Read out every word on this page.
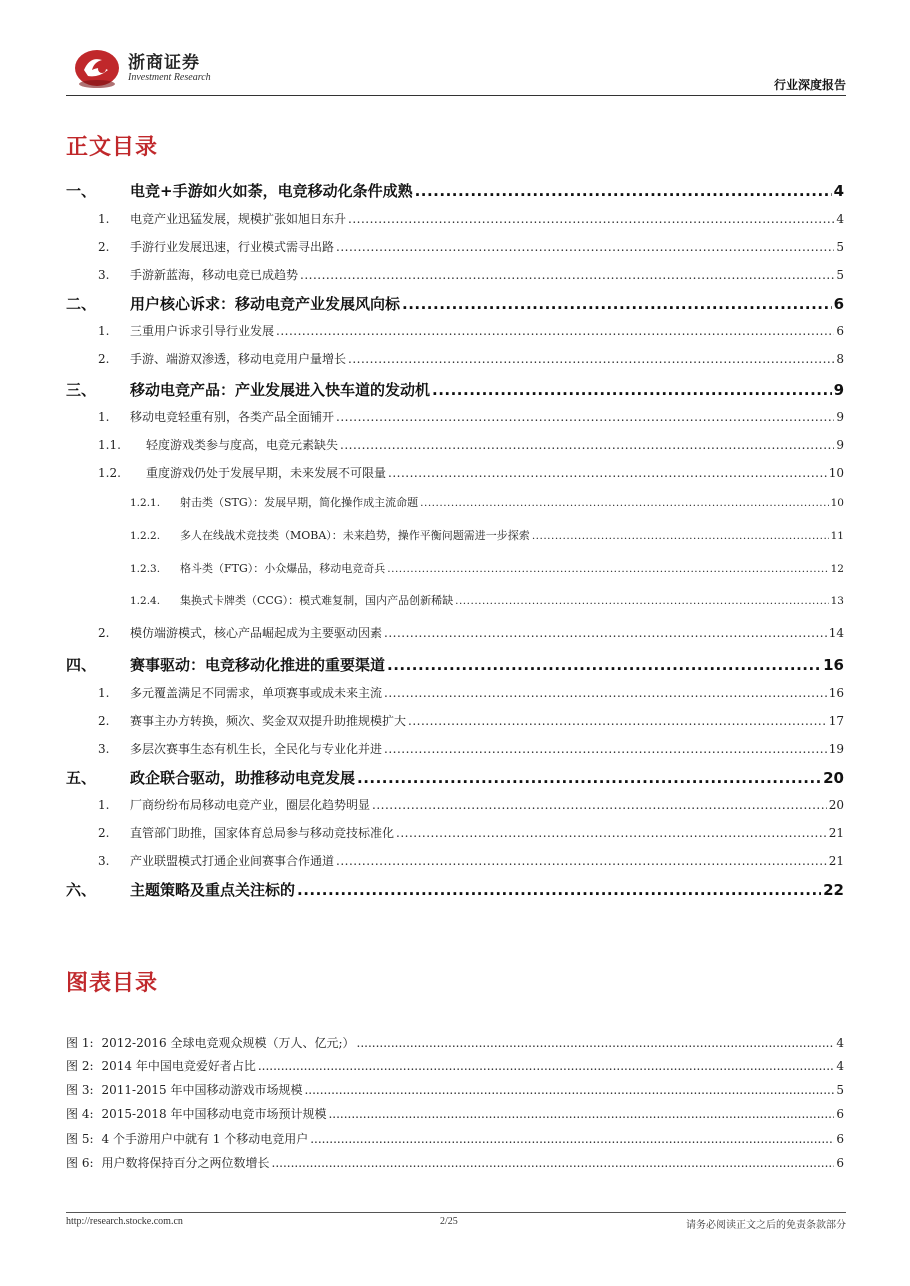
浙商证券
Investment Research
行业深度报告
正文目录
一、	电竞+手游如火如荼，电竞移动化条件成熟 .....	4
1.	电竞产业迅猛发展，规模扩张如旭日东升 .....	4
2.	手游行业发展迅速，行业模式需寻出路 .....	5
3.	手游新蓝海，移动电竞已成趋势 .....	5
二、	用户核心诉求：移动电竞产业发展风向标 .....	6
1.	三重用户诉求引导行业发展 .....	6
2.	手游、端游双渗透，移动电竞用户量增长 .....	8
三、	移动电竞产品：产业发展进入快车道的发动机 .....	9
1.	移动电竞轻重有别，各类产品全面铺开 .....	9
1.1.	轻度游戏类参与度高，电竞元素缺失 .....	9
1.2.	重度游戏仍处于发展早期，未来发展不可限量 .....	10
1.2.1.	射击类（STG）：发展早期，简化操作成主流命题 .....	10
1.2.2.	多人在线战术竞技类（MOBA）：未来趋势，操作平衡问题需进一步探索 .....	11
1.2.3.	格斗类（FTG）：小众爆品，移动电竞奇兵 .....	12
1.2.4.	集换式卡牌类（CCG）：模式难复制，国内产品创新稀缺 .....	13
2.	模仿端游模式，核心产品崛起成为主要驱动因素 .....	14
四、	赛事驱动：电竞移动化推进的重要渠道 .....	16
1.	多元覆盖满足不同需求，单项赛事或成未来主流 .....	16
2.	赛事主办方转换，频次、奖金双双提升助推规模扩大 .....	17
3.	多层次赛事生态有机生长，全民化与专业化并进 .....	19
五、	政企联合驱动，助推移动电竞发展 .....	20
1.	厂商纷纷布局移动电竞产业，圈层化趋势明显 .....	20
2.	直管部门助推，国家体育总局参与移动竞技标准化 .....	21
3.	产业联盟模式打通企业间赛事合作通道 .....	21
六、	主题策略及重点关注标的 .....	22
图表目录
图 1: 2012-2016 全球电竞观众规模（万人、亿元;） .....	4
图 2: 2014 年中国电竞爱好者占比 .....	4
图 3: 2011-2015 年中国移动游戏市场规模 .....	5
图 4: 2015-2018 年中国移动电竞市场预计规模 .....	6
图 5: 4 个手游用户中就有 1 个移动电竞用户 .....	6
图 6: 用户数将保持百分之两位数增长 .....	6
http://research.stocke.com.cn	2/25	请务必阅读正文之后的免责条款部分
